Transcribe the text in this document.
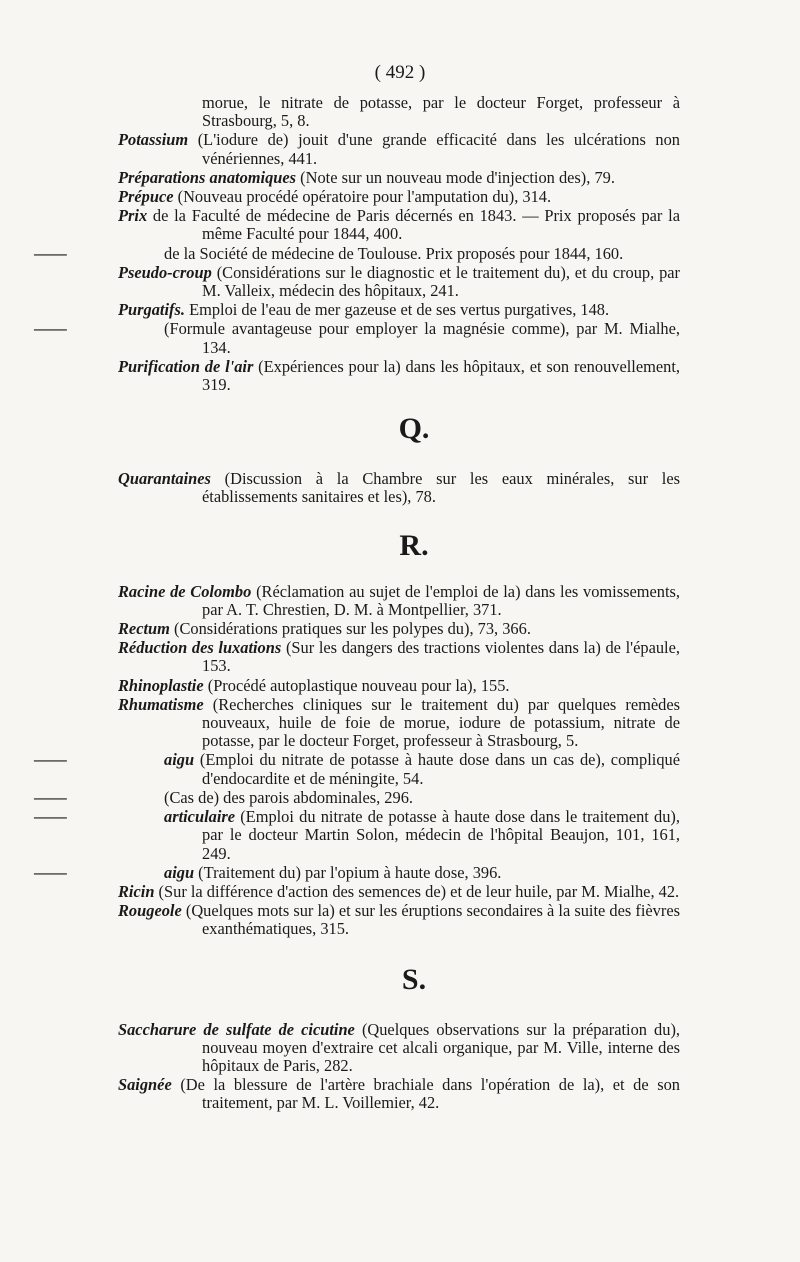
( 492 )
morue, le nitrate de potasse, par le docteur Forget, professeur à Strasbourg, 5, 8.
Potassium (L'iodure de) jouit d'une grande efficacité dans les ulcérations non vénériennes, 441.
Préparations anatomiques (Note sur un nouveau mode d'injection des), 79.
Prépuce (Nouveau procédé opératoire pour l'amputation du), 314.
Prix de la Faculté de médecine de Paris décernés en 1843. — Prix proposés par la même Faculté pour 1844, 400.
——	de la Société de médecine de Toulouse. Prix proposés pour 1844, 160.
Pseudo-croup (Considérations sur le diagnostic et le traitement du), et du croup, par M. Valleix, médecin des hôpitaux, 241.
Purgatifs. Emploi de l'eau de mer gazeuse et de ses vertus purgatives, 148.
——	(Formule avantageuse pour employer la magnésie comme), par M. Mialhe, 134.
Purification de l'air (Expériences pour la) dans les hôpitaux, et son renouvellement, 319.
Q.
Quarantaines (Discussion à la Chambre sur les eaux minérales, sur les établissements sanitaires et les), 78.
R.
Racine de Colombo (Réclamation au sujet de l'emploi de la) dans les vomissements, par A. T. Chrestien, D. M. à Montpellier, 371.
Rectum (Considérations pratiques sur les polypes du), 73, 366.
Réduction des luxations (Sur les dangers des tractions violentes dans la) de l'épaule, 153.
Rhinoplastie (Procédé autoplastique nouveau pour la), 155.
Rhumatisme (Recherches cliniques sur le traitement du) par quelques remèdes nouveaux, huile de foie de morue, iodure de potassium, nitrate de potasse, par le docteur Forget, professeur à Strasbourg, 5.
——	aigu (Emploi du nitrate de potasse à haute dose dans un cas de), compliqué d'endocardite et de méningite, 54.
——	(Cas de) des parois abdominales, 296.
——	articulaire (Emploi du nitrate de potasse à haute dose dans le traitement du), par le docteur Martin Solon, médecin de l'hôpital Beaujon, 101, 161, 249.
——	aigu (Traitement du) par l'opium à haute dose, 396.
Ricin (Sur la différence d'action des semences de) et de leur huile, par M. Mialhe, 42.
Rougeole (Quelques mots sur la) et sur les éruptions secondaires à la suite des fièvres exanthématiques, 315.
S.
Saccharure de sulfate de cicutine (Quelques observations sur la préparation du), nouveau moyen d'extraire cet alcali organique, par M. Ville, interne des hôpitaux de Paris, 282.
Saignée (De la blessure de l'artère brachiale dans l'opération de la), et de son traitement, par M. L. Voillemier, 42.
